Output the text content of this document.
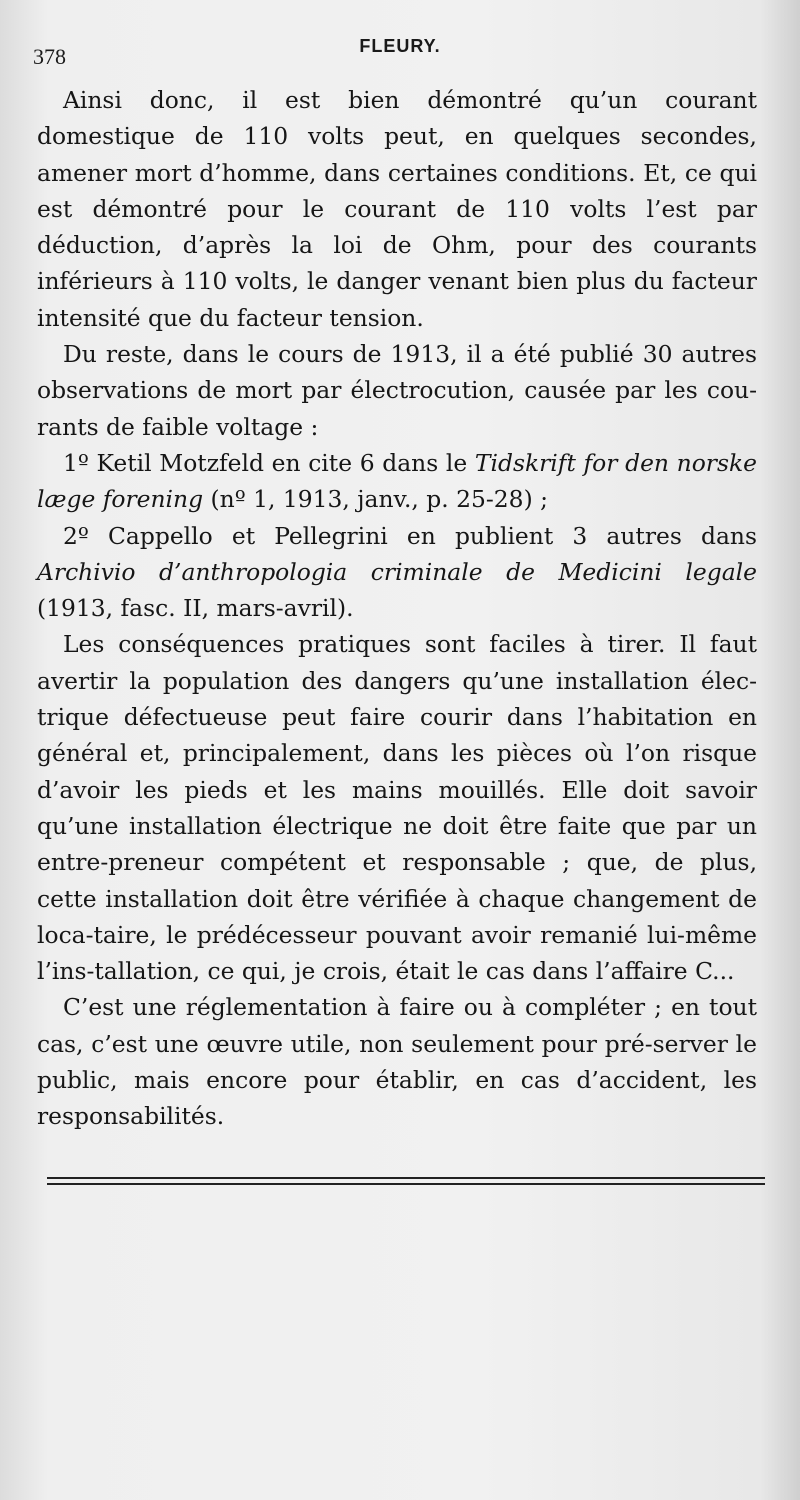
378	FLEURY.

Ainsi donc, il est bien démontré qu’un courant domestique de 110 volts peut, en quelques secondes, amener mort d’homme, dans certaines conditions. Et, ce qui est démontré pour le courant de 110 volts l’est par déduction, d’après la loi de Ohm, pour des courants inférieurs à 110 volts, le danger venant bien plus du facteur intensité que du facteur tension.

Du reste, dans le cours de 1913, il a été publié 30 autres observations de mort par électrocution, causée par les cou-rants de faible voltage :

1º Ketil Motzfeld en cite 6 dans le Tidskrift for den norske læge forening (nº 1, 1913, janv., p. 25-28) ;

2º Cappello et Pellegrini en publient 3 autres dans Archivio d’anthropologia criminale de Medicini legale (1913, fasc. II, mars-avril).

Les conséquences pratiques sont faciles à tirer. Il faut avertir la population des dangers qu’une installation élec-trique défectueuse peut faire courir dans l’habitation en général et, principalement, dans les pièces où l’on risque d’avoir les pieds et les mains mouillés. Elle doit savoir qu’une installation électrique ne doit être faite que par un entre-preneur compétent et responsable ; que, de plus, cette installation doit être vérifiée à chaque changement de loca-taire, le prédécesseur pouvant avoir remanié lui-même l’ins-tallation, ce qui, je crois, était le cas dans l’affaire C...

C’est une réglementation à faire ou à compléter ; en tout cas, c’est une œuvre utile, non seulement pour pré-server le public, mais encore pour établir, en cas d’accident, les responsabilités.
